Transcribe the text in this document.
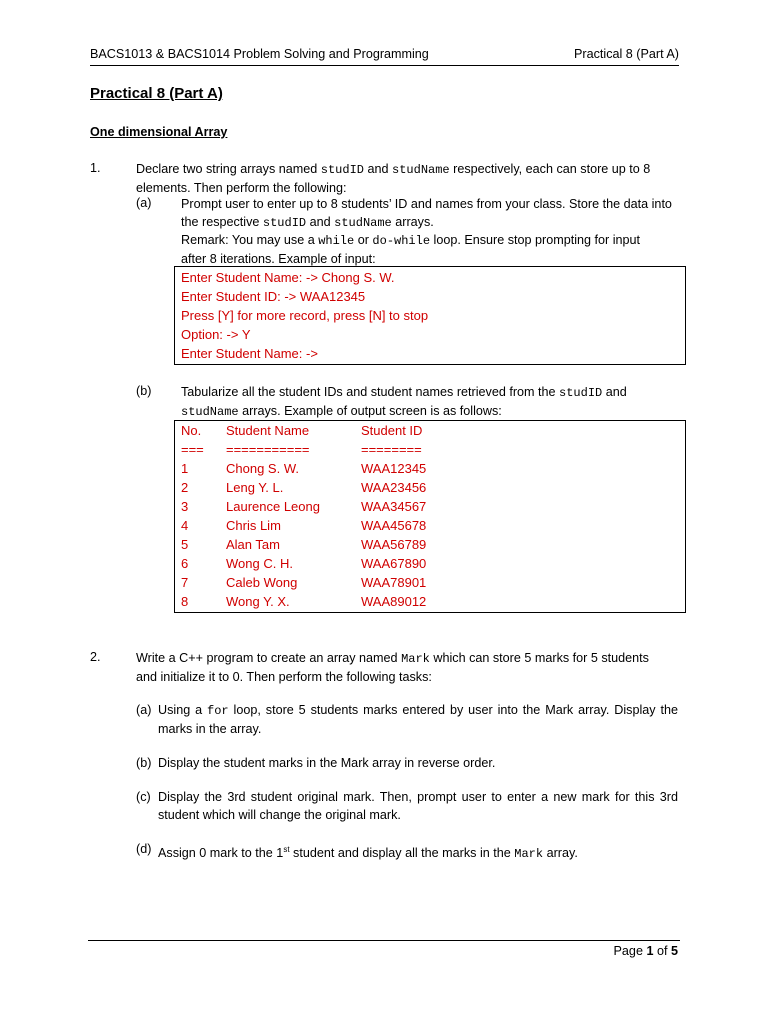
BACS1013 & BACS1014 Problem Solving and Programming	Practical 8 (Part A)
Practical 8 (Part A)
One dimensional Array
1.	Declare two string arrays named studID and studName respectively, each can store up to 8
elements. Then perform the following:
(a) Prompt user to enter up to 8 students’ ID and names from your class. Store the data into
the respective studID and studName arrays.
Remark: You may use a while or do-while loop. Ensure stop prompting for input
after 8 iterations. Example of input:
Enter Student Name: -> Chong S. W.
Enter Student ID: -> WAA12345
Press [Y] for more record, press [N] to stop
Option: -> Y
Enter Student Name: ->
(b) Tabularize all the student IDs and student names retrieved from the studID and
studName arrays. Example of output screen is as follows:
No. Student Name	Student ID
=== ===========	========
1	Chong S. W.	WAA12345
2	Leng Y. L.	WAA23456
3	Laurence Leong	WAA34567
4	Chris Lim	WAA45678
5	Alan Tam	WAA56789
6	Wong C. H.	WAA67890
7	Caleb Wong	WAA78901
8	Wong Y. X.	WAA89012
2.	Write a C++ program to create an array named Mark which can store 5 marks for 5 students
and initialize it to 0. Then perform the following tasks:
(a) Using a for loop, store 5 students marks entered by user into the Mark array. Display the marks in the array.
(b) Display the student marks in the Mark array in reverse order.
(c) Display the 3rd student original mark. Then, prompt user to enter a new mark for this 3rd student which will change the original mark.
(d) Assign 0 mark to the 1st student and display all the marks in the Mark array.
Page 1 of 5
